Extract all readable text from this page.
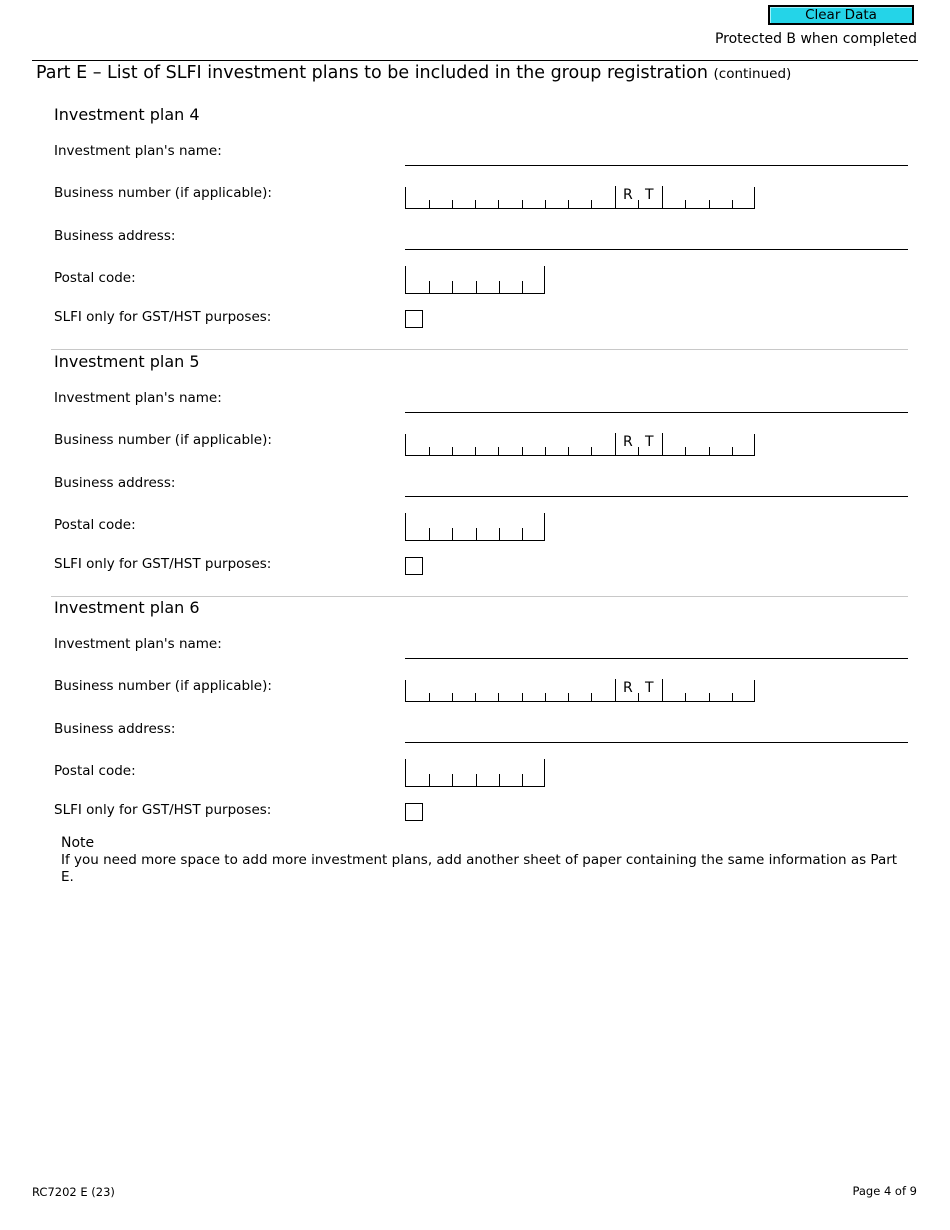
Clear Data
Protected B when completed
Part E – List of SLFI investment plans to be included in the group registration (continued)
Investment plan 4
Investment plan's name:
Business number (if applicable):	R T
Business address:
Postal code:
SLFI only for GST/HST purposes:
Investment plan 5
Investment plan's name:
Business number (if applicable):	R T
Business address:
Postal code:
SLFI only for GST/HST purposes:
Investment plan 6
Investment plan's name:
Business number (if applicable):	R T
Business address:
Postal code:
SLFI only for GST/HST purposes:
Note
If you need more space to add more investment plans, add another sheet of paper containing the same information as Part E.
RC7202 E (23)	Page 4 of 9
